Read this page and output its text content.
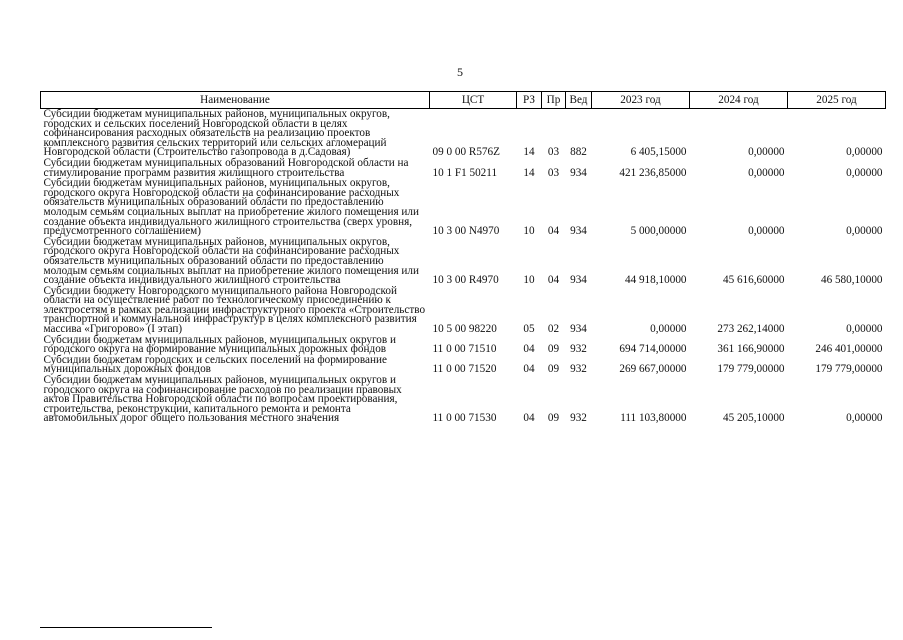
5
Наименование	ЦСТ	РЗ	Пр	Вед	2023 год	2024 год	2025 год
Субсидии бюджетам муниципальных районов, муниципальных округов, городских и сельских поселений Новгородской области в целях софинансирования расходных обязательств на реализацию проектов комплексного развития сельских территорий или сельских агломераций Новгородской области (Строительство газопровода в д.Садовая)	09 0 00 R576Z	14	03	882	6 405,15000	0,00000	0,00000
Субсидии бюджетам муниципальных образований Новгородской области на стимулирование программ развития жилищного строительства	10 1 F1 50211	14	03	934	421 236,85000	0,00000	0,00000
Субсидии бюджетам муниципальных районов, муниципальных округов, городского округа Новгородской области на софинансирование расходных обязательств муниципальных образований области по предоставлению молодым семьям социальных выплат на приобретение жилого помещения или создание объекта индивидуального жилищного строительства (сверх уровня, предусмотренного соглашением)	10 3 00 N4970	10	04	934	5 000,00000	0,00000	0,00000
Субсидии бюджетам муниципальных районов, муниципальных округов, городского округа Новгородской области на софинансирование расходных обязательств муниципальных образований области по предоставлению молодым семьям социальных выплат на приобретение жилого помещения или создание объекта индивидуального жилищного строительства	10 3 00 R4970	10	04	934	44 918,10000	45 616,60000	46 580,10000
Субсидии бюджету Новгородского муниципального района Новгородской области на осуществление работ по технологическому присоединению к электросетям в рамках реализации инфраструктурного проекта «Строительство транспортной и коммунальной инфраструктур в целях комплексного развития массива «Григорово» (I этап)	10 5 00 98220	05	02	934	0,00000	273 262,14000	0,00000
Субсидии бюджетам муниципальных районов, муниципальных округов и городского округа на формирование муниципальных дорожных фондов	11 0 00 71510	04	09	932	694 714,00000	361 166,90000	246 401,00000
Субсидии бюджетам городских и сельских поселений на формирование муниципальных дорожных фондов	11 0 00 71520	04	09	932	269 667,00000	179 779,00000	179 779,00000
Субсидии бюджетам муниципальных районов, муниципальных округов и городского округа на софинансирование расходов по реализации правовых актов Правительства Новгородской области по вопросам проектирования, строительства, реконструкции, капитального ремонта и ремонта автомобильных дорог общего пользования местного значения	11 0 00 71530	04	09	932	111 103,80000	45 205,10000	0,00000
